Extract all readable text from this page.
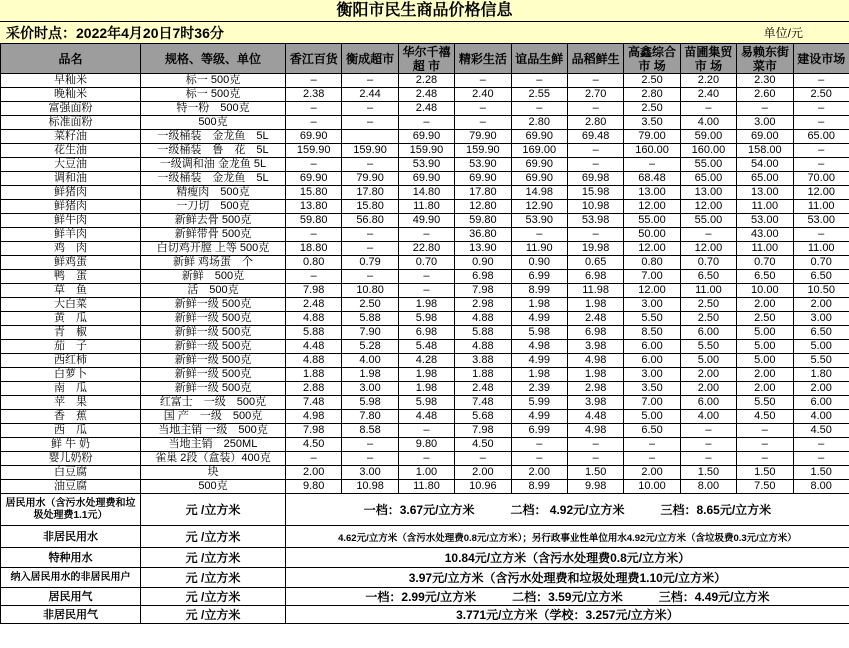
衡阳市民生商品价格信息
采价时点：2022年4月20日7时36分	单位/元
品名	规格、等级、单位	香江百货	衡成超市	华尔千禧超 市	精彩生活	谊品生鲜	品稻鲜生	高鑫综合市 场	苗圃集贸市 场	易赖东街菜市	建设市场
早籼米	标一 500克	–	–	2.28	–	–	–	2.50	2.20	2.30	–
晚籼米	标一 500克	2.38	2.44	2.48	2.40	2.55	2.70	2.80	2.40	2.60	2.50
富强面粉	特一粉　500克	–	–	2.48	–	–	–	2.50	–	–	–
标准面粉	500克	–	–	–	–	2.80	2.80	3.50	4.00	3.00	–
菜籽油	一级桶装　金龙鱼　5L	69.90		69.90	79.90	69.90	69.48	79.00	59.00	69.00	65.00
花生油	一级桶装　鲁　花　5L	159.90	159.90	159.90	159.90	169.00	–	160.00	160.00	158.00	–
大豆油	一级调和油 金龙鱼 5L	–	–	53.90	53.90	69.90	–	–	55.00	54.00	–
调和油	一级桶装　金龙鱼　5L	69.90	79.90	69.90	69.90	69.90	69.98	68.48	65.00	65.00	70.00
鲜猪肉	精瘦肉　500克	15.80	17.80	14.80	17.80	14.98	15.98	13.00	13.00	13.00	12.00
鲜猪肉	一刀切　500克	13.80	15.80	11.80	12.80	12.90	10.98	12.00	12.00	11.00	11.00
鲜牛肉	新鲜去骨 500克	59.80	56.80	49.90	59.80	53.90	53.98	55.00	55.00	53.00	53.00
鲜羊肉	新鲜带骨 500克	–	–	–	36.80	–	–	50.00	–	43.00	–
鸡　肉	白切鸡开膛 上等 500克	18.80	–	22.80	13.90	11.90	19.98	12.00	12.00	11.00	11.00
鲜鸡蛋	新鲜 鸡场蛋　个	0.80	0.79	0.70	0.90	0.90	0.65	0.80	0.70	0.70	0.70
鸭　蛋	新鲜　500克	–	–	–	6.98	6.99	6.98	7.00	6.50	6.50	6.50
草　鱼	活　500克	7.98	10.80	–	7.98	8.99	11.98	12.00	11.00	10.00	10.50
大白菜	新鲜一级 500克	2.48	2.50	1.98	2.98	1.98	1.98	3.00	2.50	2.00	2.00
黄　瓜	新鲜一级 500克	4.88	5.88	5.98	4.88	4.99	2.48	5.50	2.50	2.50	3.00
青　椒	新鲜一级 500克	5.88	7.90	6.98	5.88	5.98	6.98	8.50	6.00	5.00	6.50
茄　子	新鲜一级 500克	4.48	5.28	5.48	4.88	4.98	3.98	6.00	5.50	5.00	5.00
西红柿	新鲜一级 500克	4.88	4.00	4.28	3.88	4.99	4.98	6.00	5.00	5.00	5.50
白萝卜	新鲜一级 500克	1.88	1.98	1.98	1.88	1.98	1.98	3.00	2.00	2.00	1.80
南　瓜	新鲜一级 500克	2.88	3.00	1.98	2.48	2.39	2.98	3.50	2.00	2.00	2.00
苹　果	红富士　一级　500克	7.48	5.98	5.98	7.48	5.99	3.98	7.00	6.00	5.50	6.00
香　蕉	国 产　一级　500克	4.98	7.80	4.48	5.68	4.99	4.48	5.00	4.00	4.50	4.00
西　瓜	当地主销 一级　500克	7.98	8.58	–	7.98	6.99	4.98	6.50	–	–	4.50
鲜 牛 奶	当地主销　250ML	4.50	–	9.80	4.50	–	–	–	–	–	–
婴儿奶粉	雀巢 2段（盒装）400克	–	–	–	–	–	–	–	–	–	–
白豆腐	块	2.00	3.00	1.00	2.00	2.00	1.50	2.00	1.50	1.50	1.50
油豆腐	500克	9.80	10.98	11.80	10.96	8.99	9.98	10.00	8.00	7.50	8.00
居民用水（含污水处理费和垃圾处理费1.1元）	元 /立方米	一档：3.67元/立方米　　　二档： 4.92元/立方米　　　三档：8.65元/立方米									
非居民用水	元 /立方米	4.62元/立方米（含污水处理费0.8元/立方米）；另行政事业性单位用水4.92元/立方米（含垃圾费0.3元/立方米）									
特种用水	元 /立方米	10.84元/立方米（含污水处理费0.8元/立方米）									
纳入居民用水的非居民用户	元 /立方米	3.97元/立方米（含污水处理费和垃圾处理费1.10元/立方米）									
居民用气	元 /立方米	一档：2.99元/立方米　　　二档：3.59元/立方米　　　三档：4.49元/立方米									
非居民用气	元 /立方米	3.771元/立方米（学校：3.257元/立方米）									
